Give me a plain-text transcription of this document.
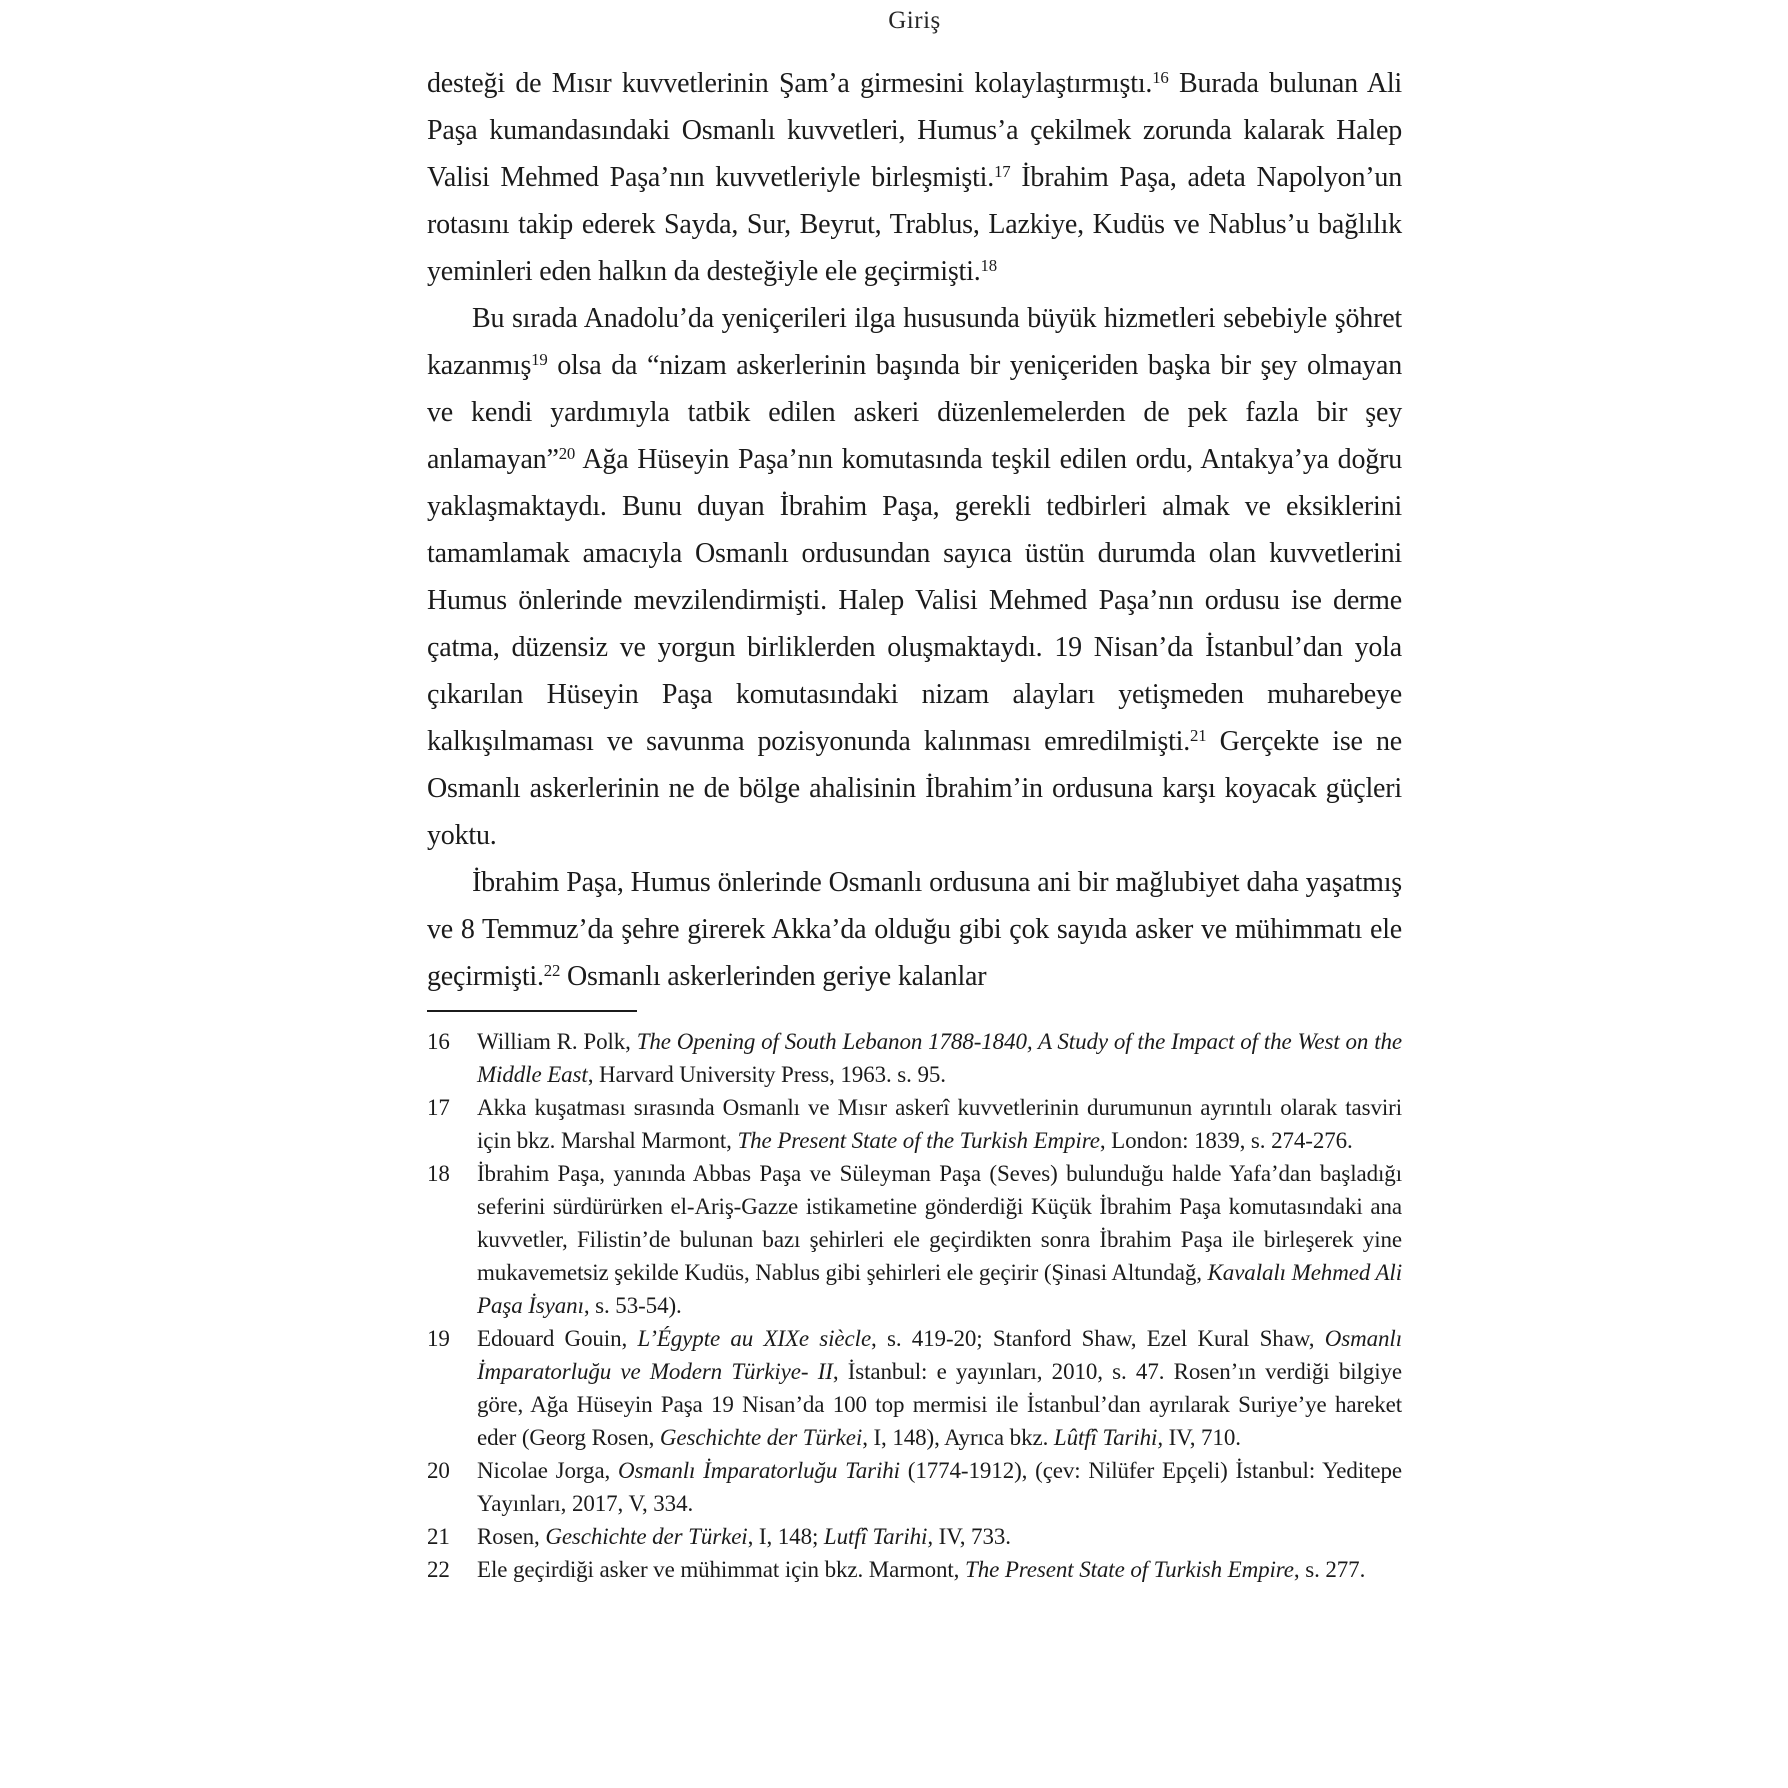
Giriş

desteği de Mısır kuvvetlerinin Şam’a girmesini kolaylaştırmıştı.$^{16}$ Burada bulunan Ali Paşa kumandasındaki Osmanlı kuvvetleri, Humus’a çekilmek zorunda kalarak Halep Valisi Mehmed Paşa’nın kuvvetleriyle birleşmişti.$^{17}$ İbrahim Paşa, adeta Napolyon’un rotasını takip ederek Sayda, Sur, Beyrut, Trablus, Lazkiye, Kudüs ve Nablus’u bağlılık yeminleri eden halkın da desteğiyle ele geçirmişti.$^{18}$

Bu sırada Anadolu’da yeniçerileri ilga hususunda büyük hizmetleri sebebiyle şöhret kazanmış$^{19}$ olsa da “nizam askerlerinin başında bir yeniçeriden başka bir şey olmayan ve kendi yardımıyla tatbik edilen askeri düzenlemelerden de pek fazla bir şey anlamayan”$^{20}$ Ağa Hüseyin Paşa’nın komutasında teşkil edilen ordu, Antakya’ya doğru yaklaşmaktaydı. Bunu duyan İbrahim Paşa, gerekli tedbirleri almak ve eksiklerini tamamlamak amacıyla Osmanlı ordusundan sayıca üstün durumda olan kuvvetlerini Humus önlerinde mevzilendirmişti. Halep Valisi Mehmed Paşa’nın ordusu ise derme çatma, düzensiz ve yorgun birliklerden oluşmaktaydı. 19 Nisan’da İstanbul’dan yola çıkarılan Hüseyin Paşa komutasındaki nizam alayları yetişmeden muharebeye kalkışılmaması ve savunma pozisyonunda kalınması emredilmişti.$^{21}$ Gerçekte ise ne Osmanlı askerlerinin ne de bölge ahalisinin İbrahim’in ordusuna karşı koyacak güçleri yoktu.

İbrahim Paşa, Humus önlerinde Osmanlı ordusuna ani bir mağlubiyet daha yaşatmış ve 8 Temmuz’da şehre girerek Akka’da olduğu gibi çok sayıda asker ve mühimmatı ele geçirmişti.$^{22}$ Osmanlı askerlerinden geriye kalanlar

16	William R. Polk, The Opening of South Lebanon 1788-1840, A Study of the Impact of the West on the Middle East, Harvard University Press, 1963. s. 95.
17	Akka kuşatması sırasında Osmanlı ve Mısır askerî kuvvetlerinin durumunun ayrıntılı olarak tasviri için bkz. Marshal Marmont, The Present State of the Turkish Empire, London: 1839, s. 274-276.
18	İbrahim Paşa, yanında Abbas Paşa ve Süleyman Paşa (Seves) bulunduğu halde Yafa’dan başladığı seferini sürdürürken el-Ariş-Gazze istikametine gönderdiği Küçük İbrahim Paşa komutasındaki ana kuvvetler, Filistin’de bulunan bazı şehirleri ele geçirdikten sonra İbrahim Paşa ile birleşerek yine mukavemetsiz şekilde Kudüs, Nablus gibi şehirleri ele geçirir (Şinasi Altundağ, Kavalalı Mehmed Ali Paşa İsyanı, s. 53-54).
19	Edouard Gouin, L’Égypte au XIXe siècle, s. 419-20; Stanford Shaw, Ezel Kural Shaw, Osmanlı İmparatorluğu ve Modern Türkiye- II, İstanbul: e yayınları, 2010, s. 47. Rosen’ın verdiği bilgiye göre, Ağa Hüseyin Paşa 19 Nisan’da 100 top mermisi ile İstanbul’dan ayrılarak Suriye’ye hareket eder (Georg Rosen, Geschichte der Türkei, I, 148), Ayrıca bkz. Lûtfî Tarihi, IV, 710.
20	Nicolae Jorga, Osmanlı İmparatorluğu Tarihi (1774-1912), (çev: Nilüfer Epçeli) İstanbul: Yeditepe Yayınları, 2017, V, 334.
21	Rosen, Geschichte der Türkei, I, 148; Lutfî Tarihi, IV, 733.
22	Ele geçirdiği asker ve mühimmat için bkz. Marmont, The Present State of Turkish Empire, s. 277.
